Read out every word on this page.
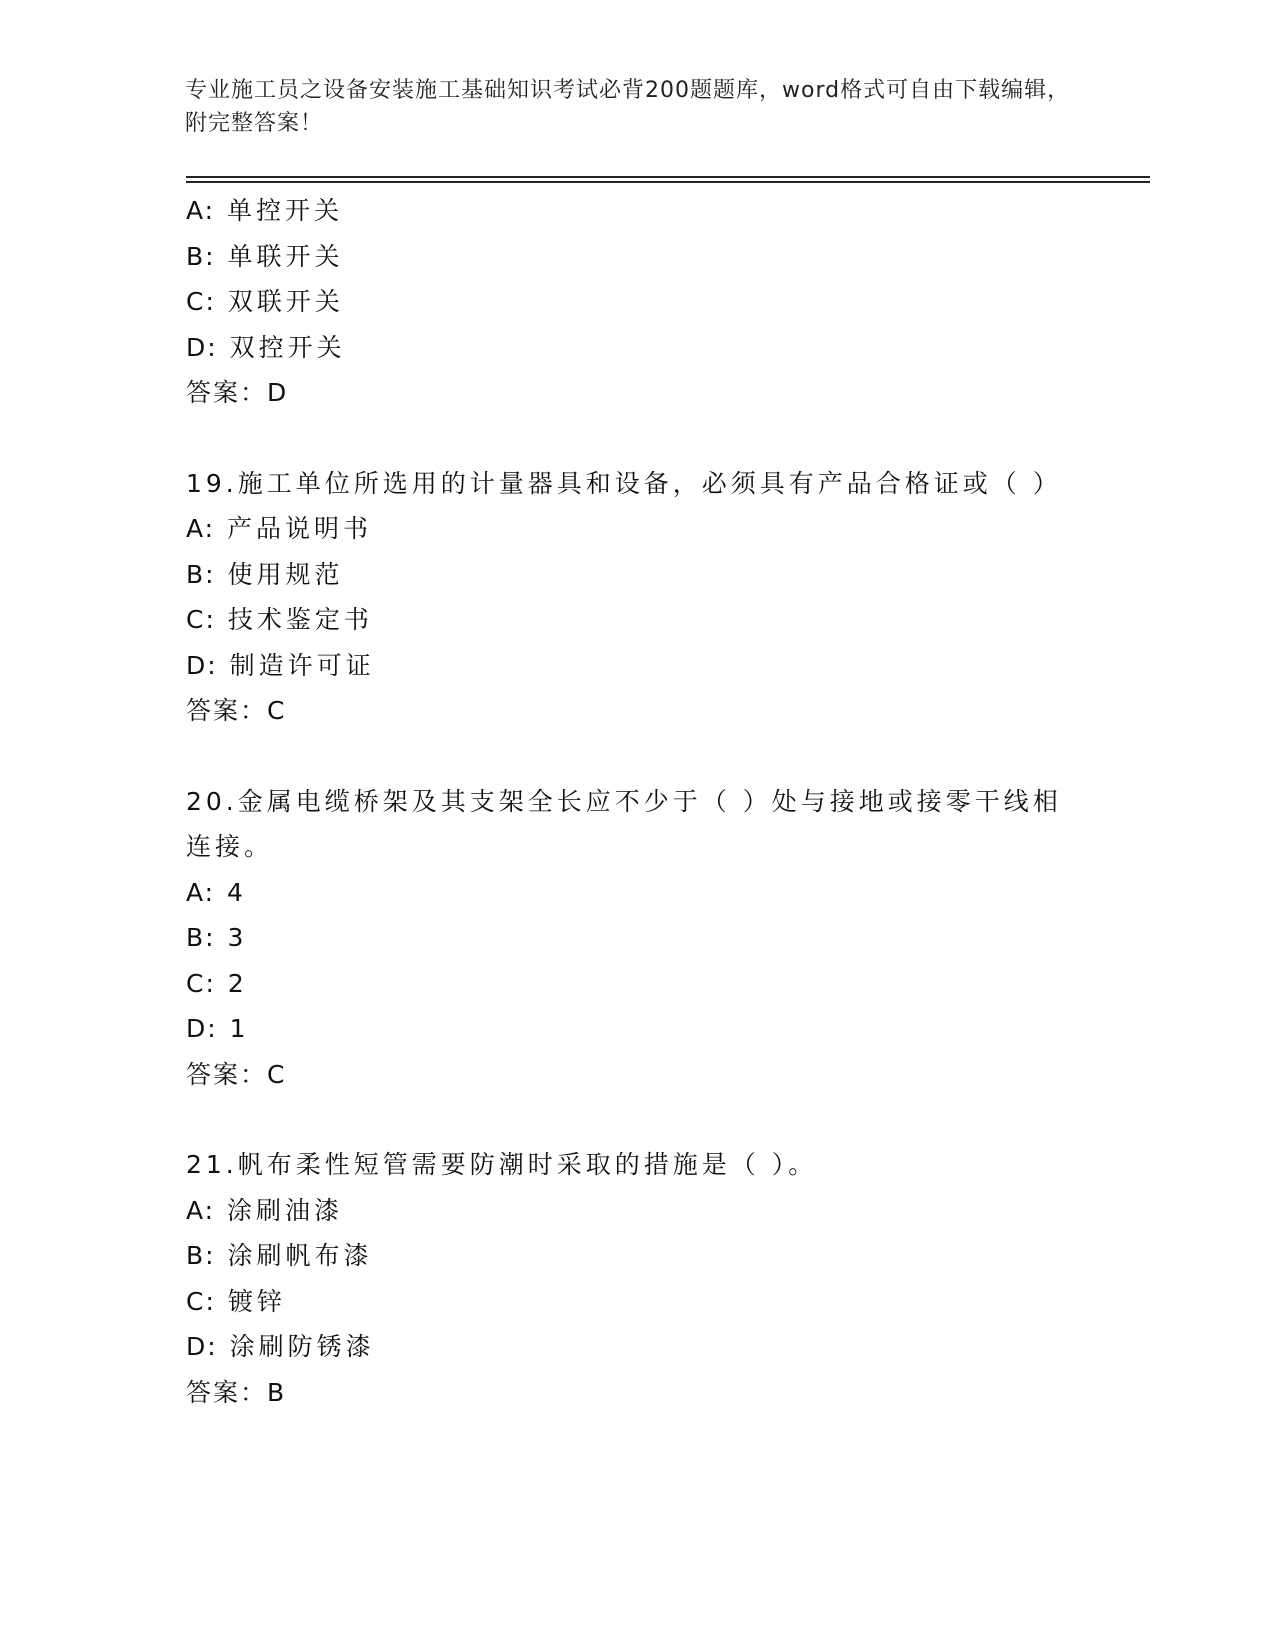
专业施工员之设备安装施工基础知识考试必背200题题库，word格式可自由下载编辑，附完整答案！
A: 单控开关
B: 单联开关
C: 双联开关
D: 双控开关
答案：D
19.施工单位所选用的计量器具和设备，必须具有产品合格证或（ ）
A: 产品说明书
B: 使用规范
C: 技术鉴定书
D: 制造许可证
答案：C
20.金属电缆桥架及其支架全长应不少于（ ）处与接地或接零干线相连接。
A: 4
B: 3
C: 2
D: 1
答案：C
21.帆布柔性短管需要防潮时采取的措施是（ ）。
A: 涂刷油漆
B: 涂刷帆布漆
C: 镀锌
D: 涂刷防锈漆
答案：B
